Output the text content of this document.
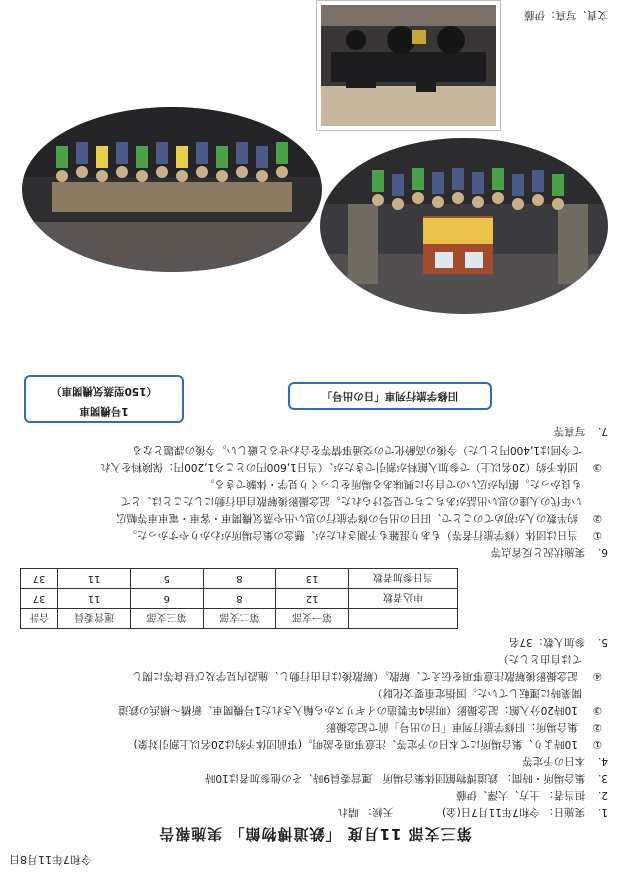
令和7年11月8日
第三支部 11月度 「鉄道博物館」 実施報告
1.  実施日： 令和7年11月7日(金)  天候： 晴れ
2.  担当者： 土方、大澤、伊藤
3.  集合場所・時間： 鉄道博物館団体集合場所　運営委員9時、その他参加者は10時
4.  本日の予定等
①  10時より、集合場所にて本日の予定等、注意事項を説明。(事前団体予約は20名以上割引対象)
②  集合場所：旧修学旅行列車「日の出号」前で記念撮影
③  10時20分入館：記念撮影（明治4年製造のイギリスから輸入された1号機関車、新橋～横浜の鉄道
開業時に運転していた。国指定重要文化財）
④  記念撮影後解散注意事項を伝えて、解散。（解散後は自由行動し、施設内見学及び昼食等に関し
ては自由とした）
5.  参加人数：37名
	第一支部	第二支部	第三支部	運営委員	合計
申込者数	12	8	6	11	37
当日参加者数	13	8	5	11	37
6.  実施状況と反省点等
①  当日は団体（修学旅行者等）もあり混雑も予測されたが、懸念の集合場所がわかりやすかった。
②  約半数の人が初めてのことで、旧日の出号の修学旅行の思い出や蒸気機関車・客車・電車車等幅広
い年代の人達の思い出話があちこちで見受けられた。記念撮影後解散自由行動にしたことは、とて
も良かった。館内が広いので自分に興味ある場所をじっくり見学・体験できる。
③  団体予約（20名以上）で参加入館料が割引できたが、（当日1,600円のところ1,200円：保険料を入れ
て今回は1,400円とした）今後の高齢化での交通事情等を合わせると厳しい。今後の課題となる
7.  写真等
旧修学旅行列車「日の出号」
1号機関車
（150型蒸気機関車）
文責、写真：伊藤
